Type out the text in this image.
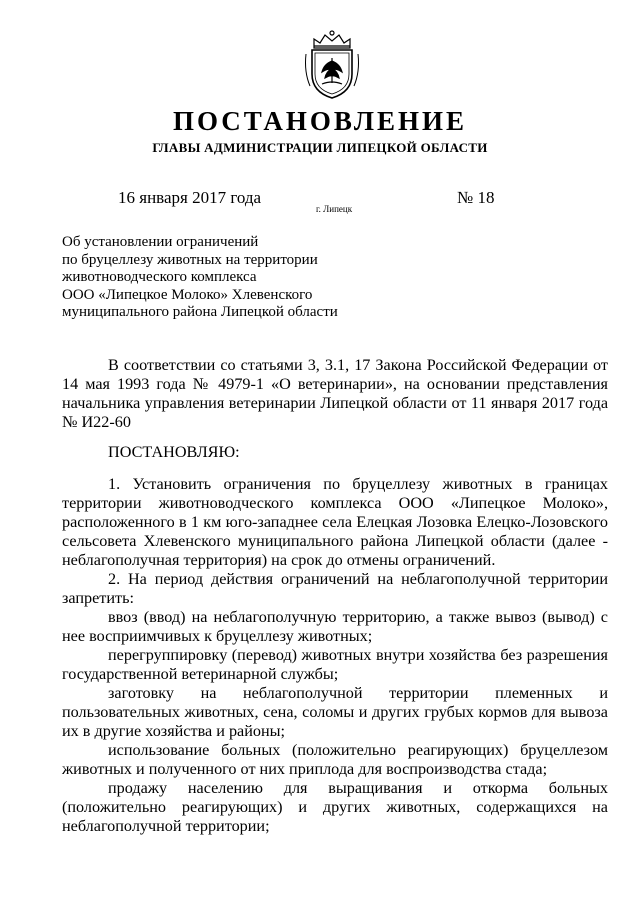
ПОСТАНОВЛЕНИЕ
ГЛАВЫ АДМИНИСТРАЦИИ ЛИПЕЦКОЙ ОБЛАСТИ
16 января 2017 года
г. Липецк
№ 18
Об установлении ограничений
по бруцеллезу животных на территории
животноводческого комплекса
ООО «Липецкое Молоко» Хлевенского
муниципального района Липецкой области

В соответствии со статьями 3, 3.1, 17 Закона Российской Федерации от 14 мая 1993 года № 4979-1 «О ветеринарии», на основании представления начальника управления ветеринарии Липецкой области от 11 января 2017 года № И22-60

ПОСТАНОВЛЯЮ:

1. Установить ограничения по бруцеллезу животных в границах территории животноводческого комплекса ООО «Липецкое Молоко», расположенного в 1 км юго-западнее села Елецкая Лозовка Елецко-Лозовского сельсовета Хлевенского муниципального района Липецкой области (далее - неблагополучная территория) на срок до отмены ограничений.

2. На период действия ограничений на неблагополучной территории запретить:

ввоз (ввод) на неблагополучную территорию, а также вывоз (вывод) с нее восприимчивых к бруцеллезу животных;

перегруппировку (перевод) животных внутри хозяйства без разрешения государственной ветеринарной службы;

заготовку на неблагополучной территории племенных и пользовательных животных, сена, соломы и других грубых кормов для вывоза их в другие хозяйства и районы;

использование больных (положительно реагирующих) бруцеллезом животных и полученного от них приплода для воспроизводства стада;

продажу населению для выращивания и откорма больных (положительно реагирующих) и других животных, содержащихся на неблагополучной территории;
